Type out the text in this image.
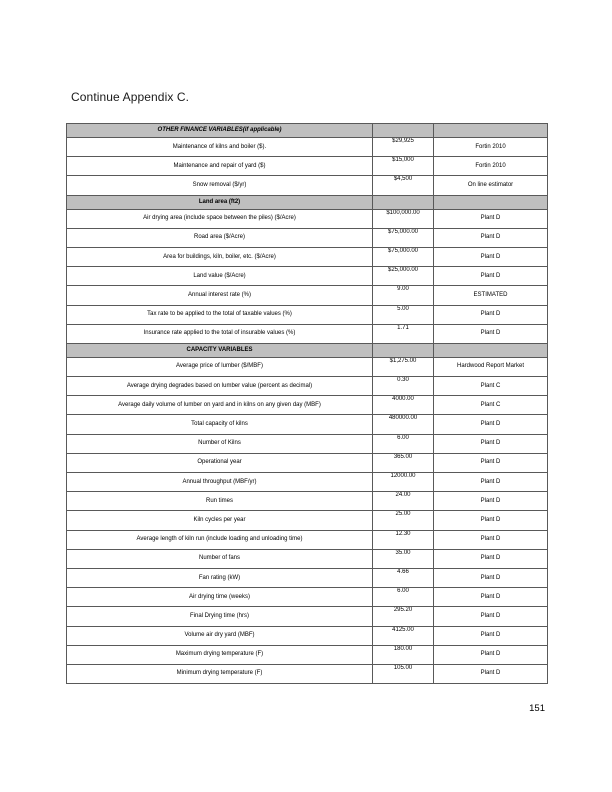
Continue Appendix C.
OTHER FINANCE VARIABLES(if applicable)		
Maintenance of kilns and boiler ($).	$29,925	Fortin 2010
Maintenance and repair of yard ($)	$15,000	Fortin 2010
Snow removal ($/yr)	$4,500	On line estimator
Land area (ft2)		
Air drying area (include space between the piles) ($/Acre)	$100,000.00	Plant D
Road area ($/Acre)	$75,000.00	Plant D
Area for buildings, kiln, boiler, etc. ($/Acre)	$75,000.00	Plant D
Land value ($/Acre)	$25,000.00	Plant D
Annual interest rate (%)	9.00	ESTIMATED
Tax rate to be applied to the total of taxable values (%)	5.00	Plant D
Insurance rate applied to the total of insurable values (%)	1.71	Plant D
CAPACITY VARIABLES		
Average price of lumber ($/MBF)	$1,275.00	Hardwood Report Market
Average drying degrades based on lumber value (percent as decimal)	0.30	Plant C
Average daily volume of lumber on yard and in kilns on any given day (MBF)	4000.00	Plant C
Total capacity of kilns	480000.00	Plant D
Number of Kilns	6.00	Plant D
Operational year	365.00	Plant D
Annual throughput (MBF/yr)	12000.00	Plant D
Run times	24.00	Plant D
Kiln cycles per year	25.00	Plant D
Average length of kiln run (include loading and unloading time)	12.30	Plant D
Number of fans	35.00	Plant D
Fan rating (kW)	4.66	Plant D
Air drying time (weeks)	6.00	Plant D
Final Drying time (hrs)	295.20	Plant D
Volume air dry yard (MBF)	4125.00	Plant D
Maximum drying temperature (F)	180.00	Plant D
Minimum drying temperature (F)	105.00	Plant D
151
